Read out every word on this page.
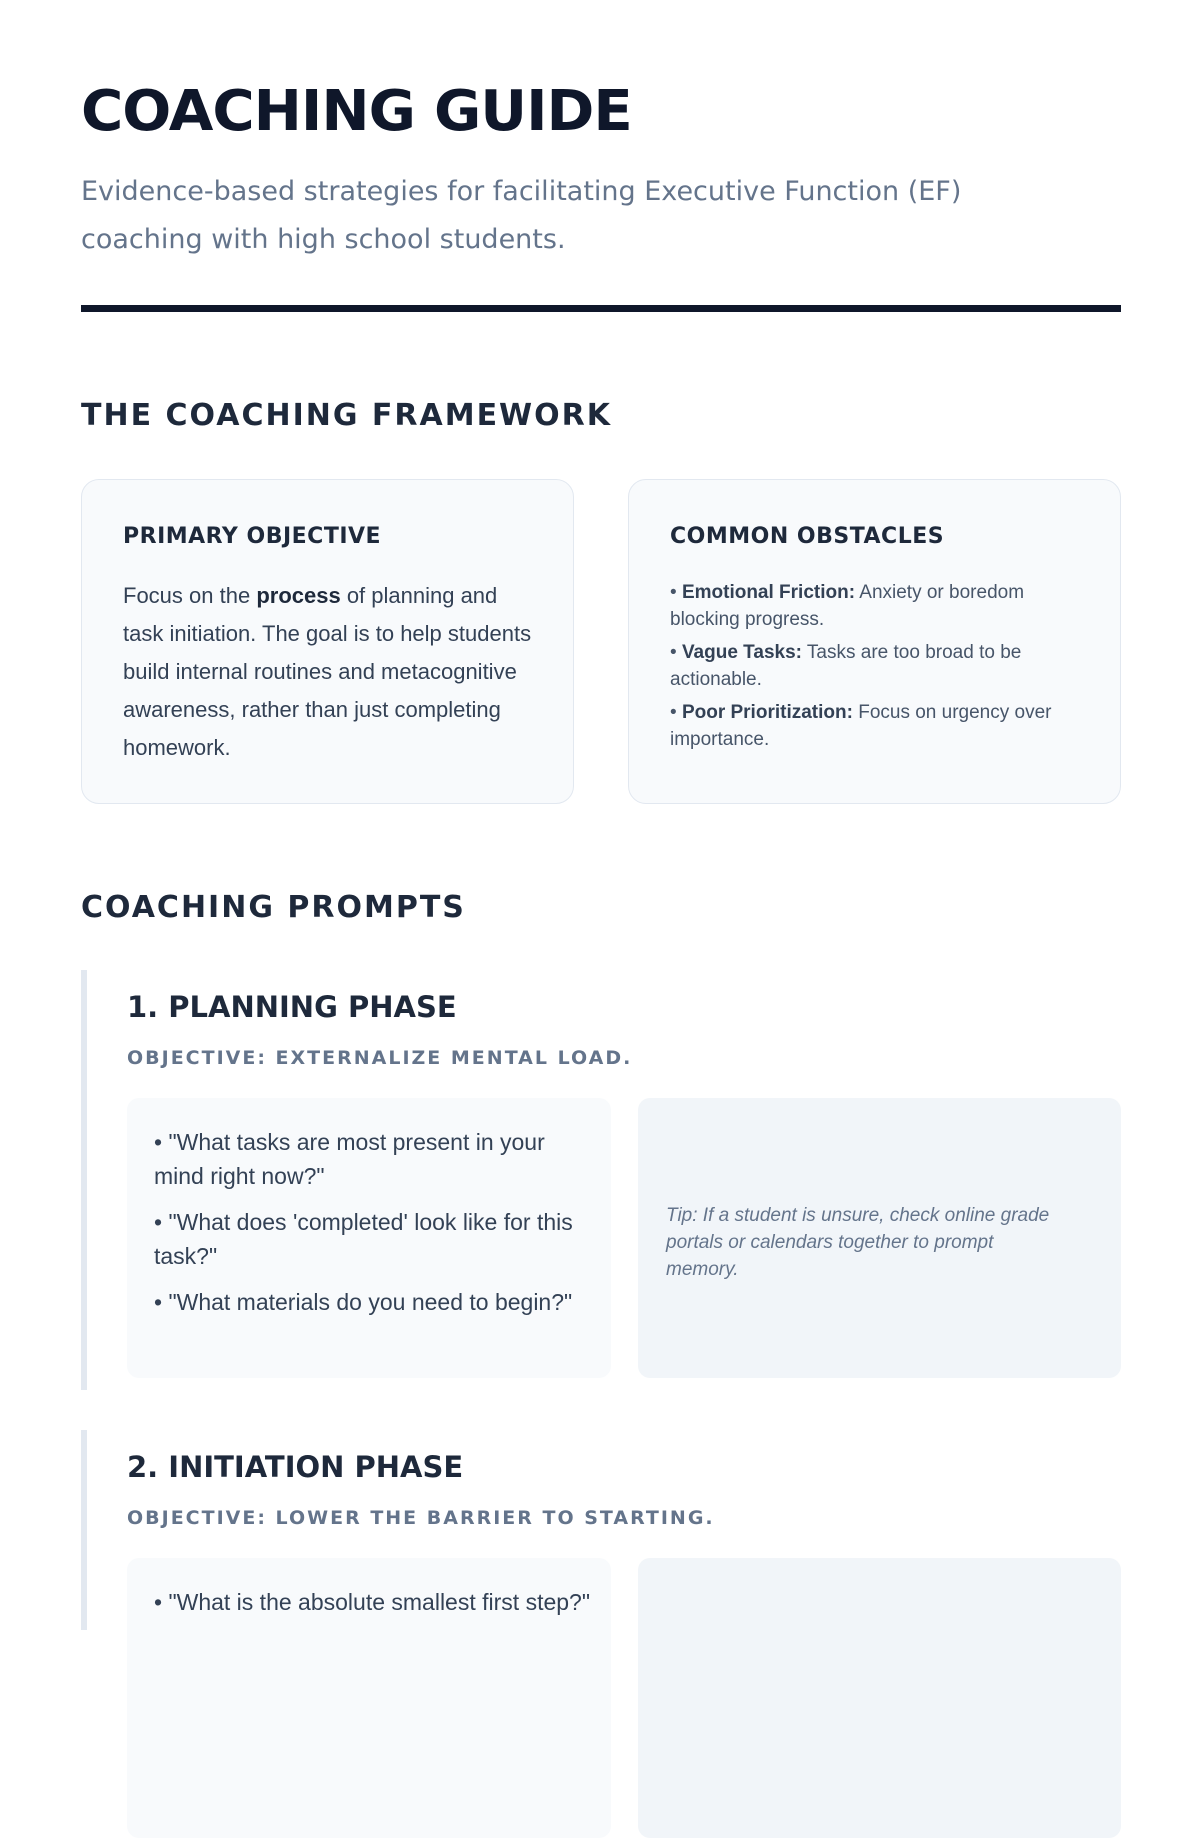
COACHING GUIDE

Evidence-based strategies for facilitating Executive Function (EF) coaching with high school students.

THE COACHING FRAMEWORK
PRIMARY OBJECTIVE

Focus on the process of planning and task initiation. The goal is to help students build internal routines and metacognitive awareness, rather than just completing homework.

COMMON OBSTACLES
• Emotional Friction: Anxiety or boredom blocking progress.
• Vague Tasks: Tasks are too broad to be actionable.
• Poor Prioritization: Focus on urgency over importance.
COACHING PROMPTS
1. PLANNING PHASE
OBJECTIVE: EXTERNALIZE MENTAL LOAD.
• "What tasks are most present in your mind right now?"
• "What does 'completed' look like for this task?"
• "What materials do you need to begin?"

Tip: If a student is unsure, check online grade portals or calendars together to prompt memory.

2. INITIATION PHASE
OBJECTIVE: LOWER THE BARRIER TO STARTING.
• "What is the absolute smallest first step?"
